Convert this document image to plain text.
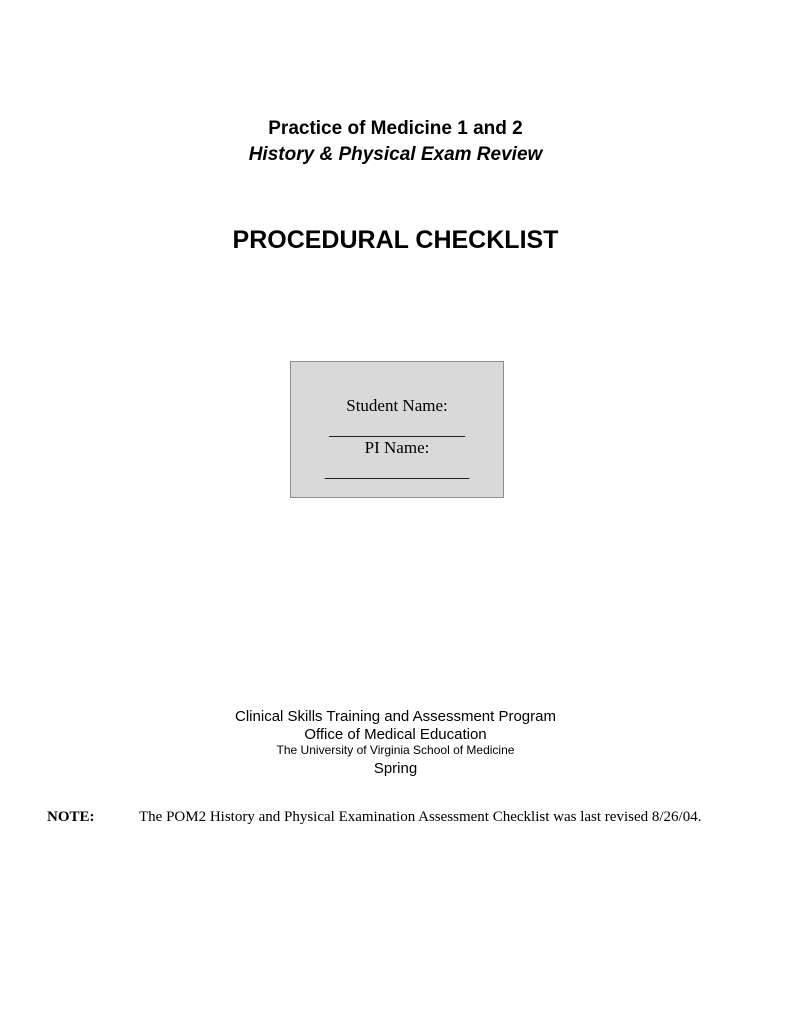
Practice of Medicine 1 and 2
History & Physical Exam Review
PROCEDURAL CHECKLIST
Student Name:
________________
PI Name:
_________________
Clinical Skills Training and Assessment Program
Office of Medical Education
The University of Virginia School of Medicine
Spring
NOTE:	The POM2 History and Physical Examination Assessment Checklist was last revised 8/26/04.
